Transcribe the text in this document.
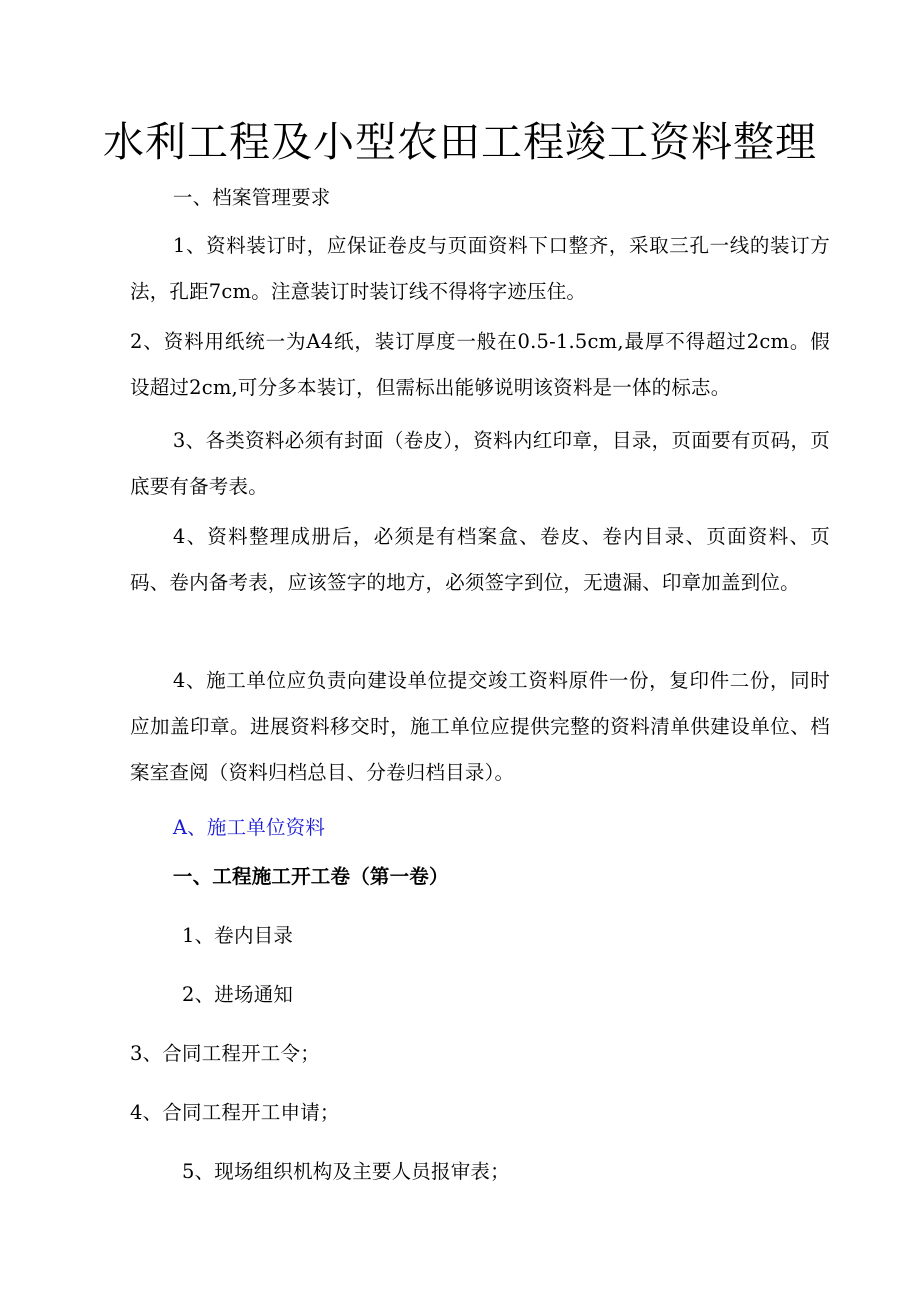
水利工程及小型农田工程竣工资料整理
一、档案管理要求
1、资料装订时，应保证卷皮与页面资料下口整齐，采取三孔一线的装订方法，孔距7cm。注意装订时装订线不得将字迹压住。
2、资料用纸统一为A4纸，装订厚度一般在0.5-1.5cm,最厚不得超过2cm。假设超过2cm,可分多本装订，但需标出能够说明该资料是一体的标志。
3、各类资料必须有封面（卷皮），资料内红印章，目录，页面要有页码，页底要有备考表。
4、资料整理成册后，必须是有档案盒、卷皮、卷内目录、页面资料、页码、卷内备考表，应该签字的地方，必须签字到位，无遗漏、印章加盖到位。
4、施工单位应负责向建设单位提交竣工资料原件一份，复印件二份，同时应加盖印章。进展资料移交时，施工单位应提供完整的资料清单供建设单位、档案室查阅（资料归档总目、分卷归档目录）。
A、施工单位资料
一、工程施工开工卷（第一卷）
1、卷内目录
2、进场通知
3、合同工程开工令；
4、合同工程开工申请；
5、现场组织机构及主要人员报审表；
